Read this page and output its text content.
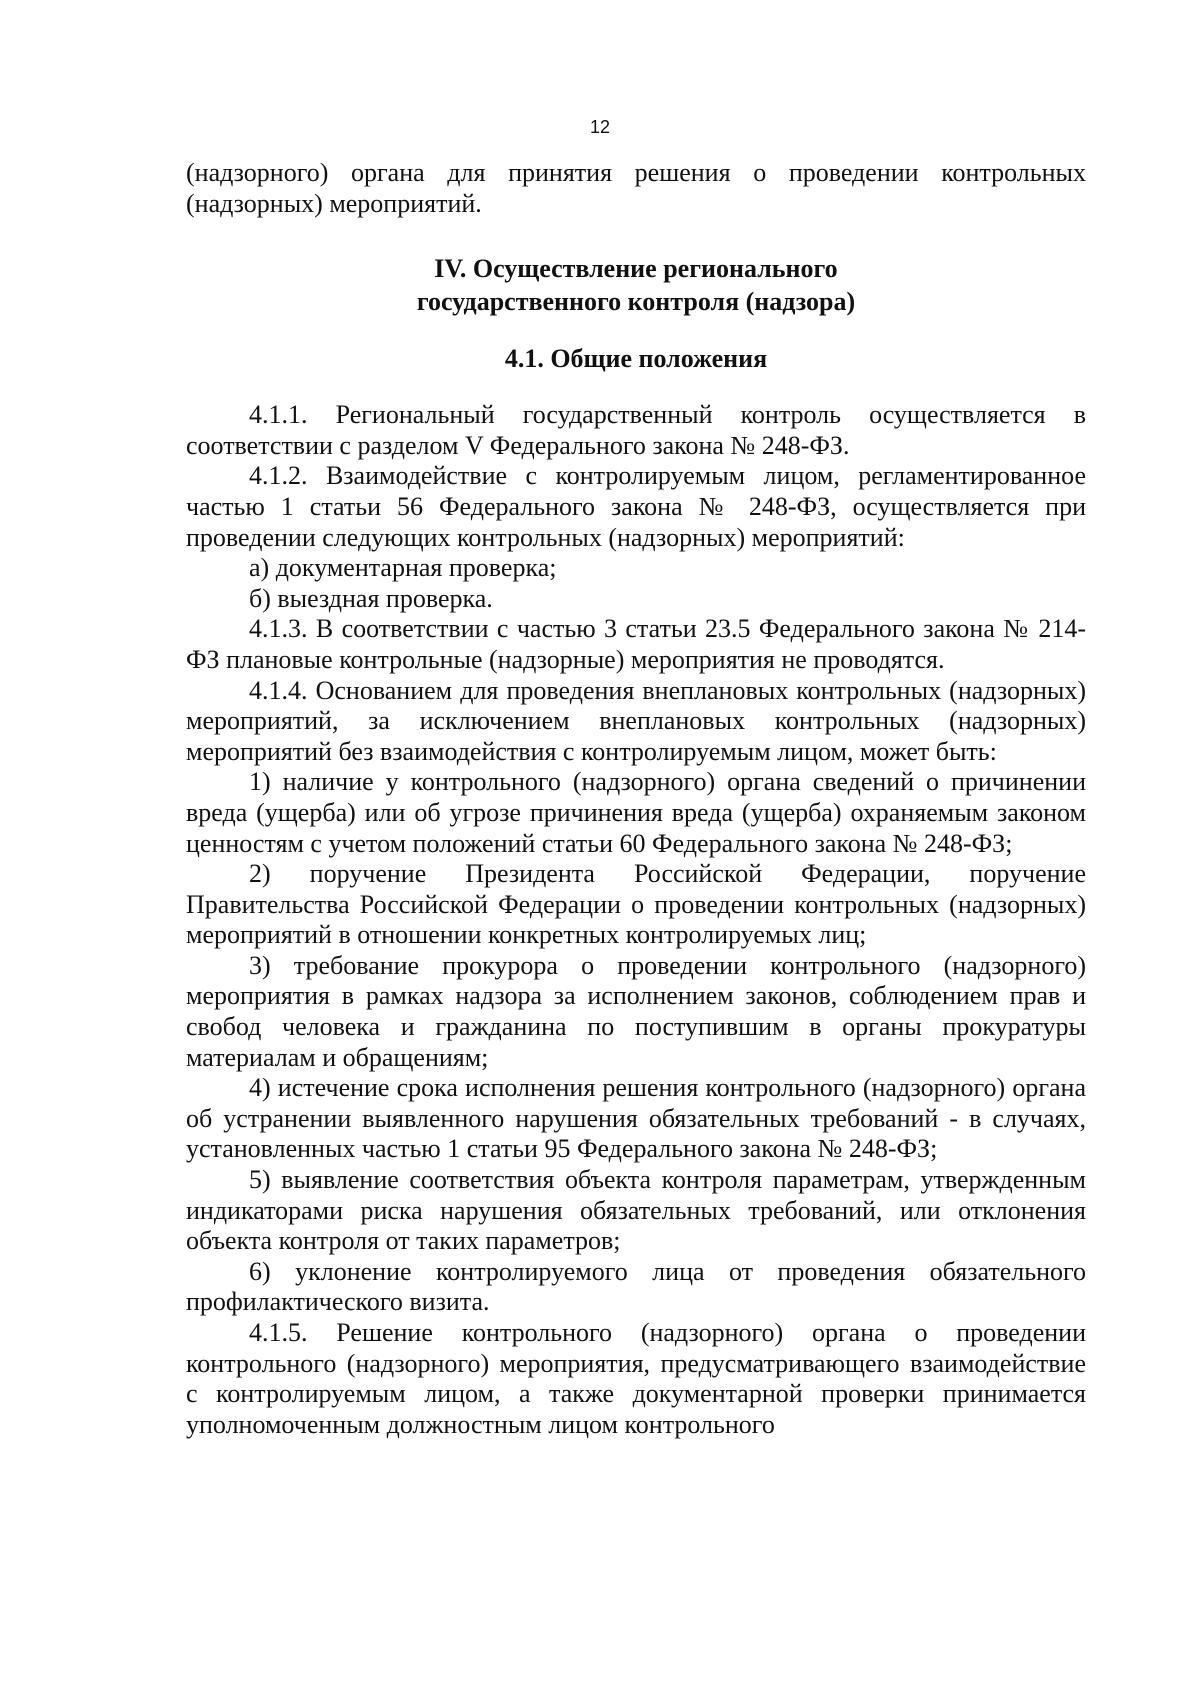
12

(надзорного) органа для принятия решения о проведении контрольных (надзорных) мероприятий.

IV. Осуществление регионального
государственного контроля (надзора)
4.1. Общие положения

4.1.1. Региональный государственный контроль осуществляется в соответствии с разделом V Федерального закона № 248-ФЗ.

4.1.2. Взаимодействие с контролируемым лицом, регламентированное частью 1 статьи 56 Федерального закона № 248-ФЗ, осуществляется при проведении следующих контрольных (надзорных) мероприятий:

а) документарная проверка;

б) выездная проверка.

4.1.3. В соответствии с частью 3 статьи 23.5 Федерального закона № 214-ФЗ плановые контрольные (надзорные) мероприятия не проводятся.

4.1.4. Основанием для проведения внеплановых контрольных (надзорных) мероприятий, за исключением внеплановых контрольных (надзорных) мероприятий без взаимодействия с контролируемым лицом, может быть:

1) наличие у контрольного (надзорного) органа сведений о причинении вреда (ущерба) или об угрозе причинения вреда (ущерба) охраняемым законом ценностям с учетом положений статьи 60 Федерального закона № 248-ФЗ;

2) поручение Президента Российской Федерации, поручение Правительства Российской Федерации о проведении контрольных (надзорных) мероприятий в отношении конкретных контролируемых лиц;

3) требование прокурора о проведении контрольного (надзорного) мероприятия в рамках надзора за исполнением законов, соблюдением прав и свобод человека и гражданина по поступившим в органы прокуратуры материалам и обращениям;

4) истечение срока исполнения решения контрольного (надзорного) органа об устранении выявленного нарушения обязательных требований - в случаях, установленных частью 1 статьи 95 Федерального закона № 248-ФЗ;

5) выявление соответствия объекта контроля параметрам, утвержденным индикаторами риска нарушения обязательных требований, или отклонения объекта контроля от таких параметров;

6) уклонение контролируемого лица от проведения обязательного профилактического визита.

4.1.5. Решение контрольного (надзорного) органа о проведении контрольного (надзорного) мероприятия, предусматривающего взаимодействие с контролируемым лицом, а также документарной проверки принимается уполномоченным должностным лицом контрольного
